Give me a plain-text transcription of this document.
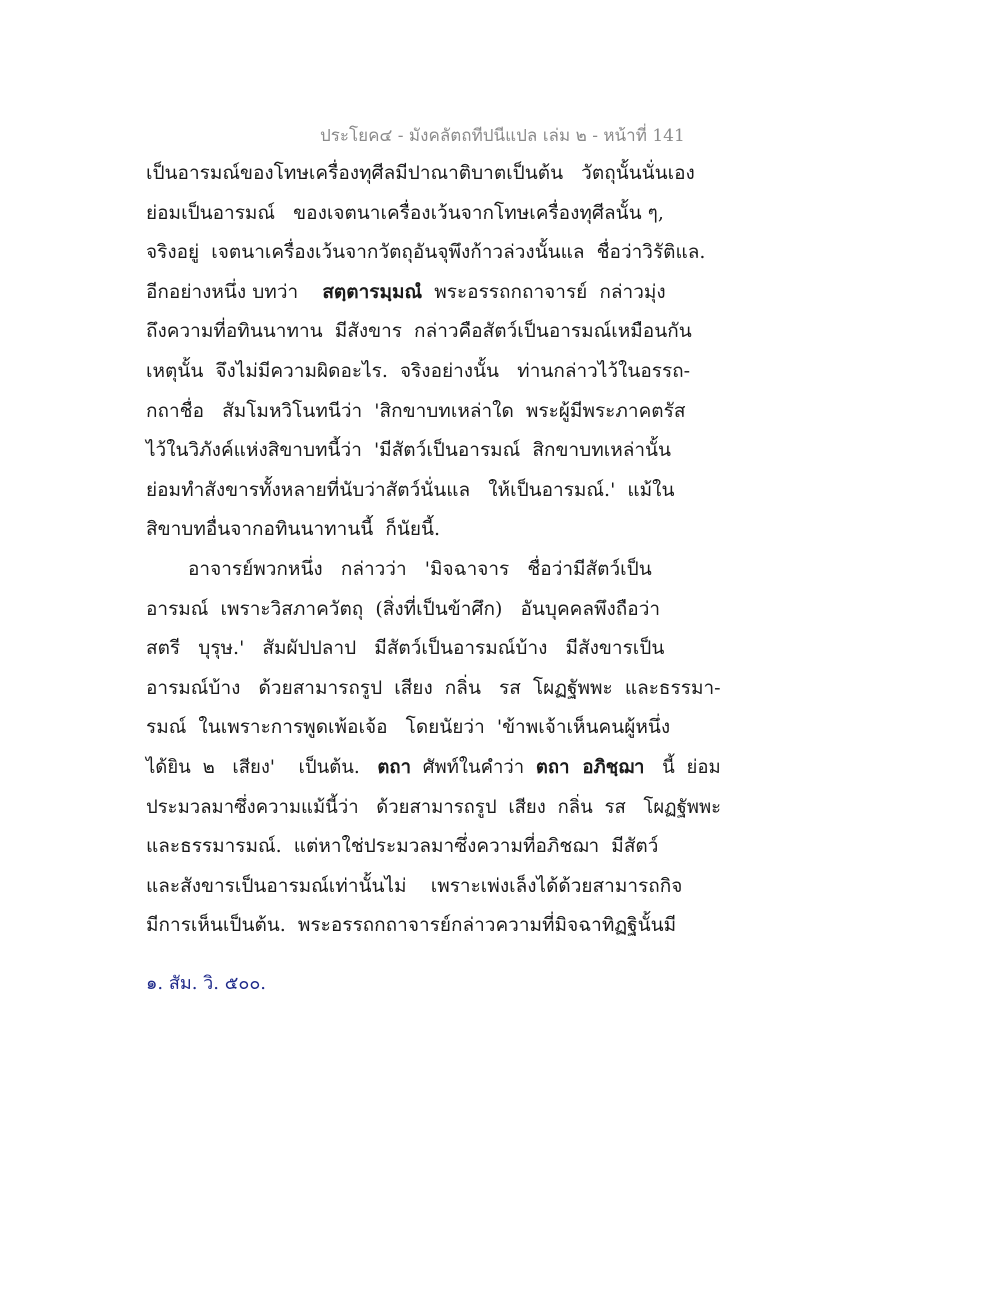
ประโยค๔ - มังคลัตถทีปนีแปล เล่ม ๒ - หน้าที่ 141
เป็นอารมณ์ของโทษเครื่องทุศีลมีปาณาติบาตเป็นต้น   วัตถุนั้นนั่นเอง
ย่อมเป็นอารมณ์   ของเจตนาเครื่องเว้นจากโทษเครื่องทุศีลนั้น ๆ,
จริงอยู่  เจตนาเครื่องเว้นจากวัตถุอันจุพึงก้าวล่วงนั้นแล  ชื่อว่าวิรัติแล.
อีกอย่างหนึ่ง บทว่า สตฺตารมฺมณํ พระอรรถกถาจารย์  กล่าวมุ่ง
ถึงความที่อทินนาทาน  มีสังขาร  กล่าวคือสัตว์เป็นอารมณ์เหมือนกัน
เหตุนั้น  จึงไม่มีความผิดอะไร.  จริงอย่างนั้น   ท่านกล่าวไว้ในอรรถ-
กถาชื่อ   สัมโมหวิโนทนีว่า  'สิกขาบทเหล่าใด  พระผู้มีพระภาคตรัส
ไว้ในวิภังค์แห่งสิขาบทนี้ว่า  'มีสัตว์เป็นอารมณ์  สิกขาบทเหล่านั้น
ย่อมทำสังขารทั้งหลายที่นับว่าสัตว์นั่นแล   ให้เป็นอารมณ์.'  แม้ใน
สิขาบทอื่นจากอทินนาทานนี้  ก็นัยนี้.
อาจารย์พวกหนึ่ง   กล่าวว่า   'มิจฉาจาร   ชื่อว่ามีสัตว์เป็น
อารมณ์  เพราะวิสภาควัตถุ  (สิ่งที่เป็นข้าศึก)   อันบุคคลพึงถือว่า
สตรี   บุรุษ.'   สัมผัปปลาป   มีสัตว์เป็นอารมณ์บ้าง   มีสังขารเป็น
อารมณ์บ้าง   ด้วยสามารถรูป  เสียง  กลิ่น   รส  โผฏฐัพพะ  และธรรมา-
รมณ์  ในเพราะการพูดเพ้อเจ้อ   โดยนัยว่า  'ข้าพเจ้าเห็นคนผู้หนึ่ง
ได้ยิน  ๒   เสียง'    เป็นต้น. ตถา ศัพท์ในคำว่า ตถา  อภิชฺฌา นี้  ย่อม
ประมวลมาซึ่งความแม้นี้ว่า   ด้วยสามารถรูป  เสียง  กลิ่น  รส   โผฏฐัพพะ
และธรรมารมณ์.  แต่หาใช่ประมวลมาซึ่งความที่อภิชฌา  มีสัตว์
และสังขารเป็นอารมณ์เท่านั้นไม่    เพราะเพ่งเล็งได้ด้วยสามารถกิจ
มีการเห็นเป็นต้น.  พระอรรถกถาจารย์กล่าวความที่มิจฉาทิฏฐินั้นมี
๑. สัม. วิ. ๕๐๐.
